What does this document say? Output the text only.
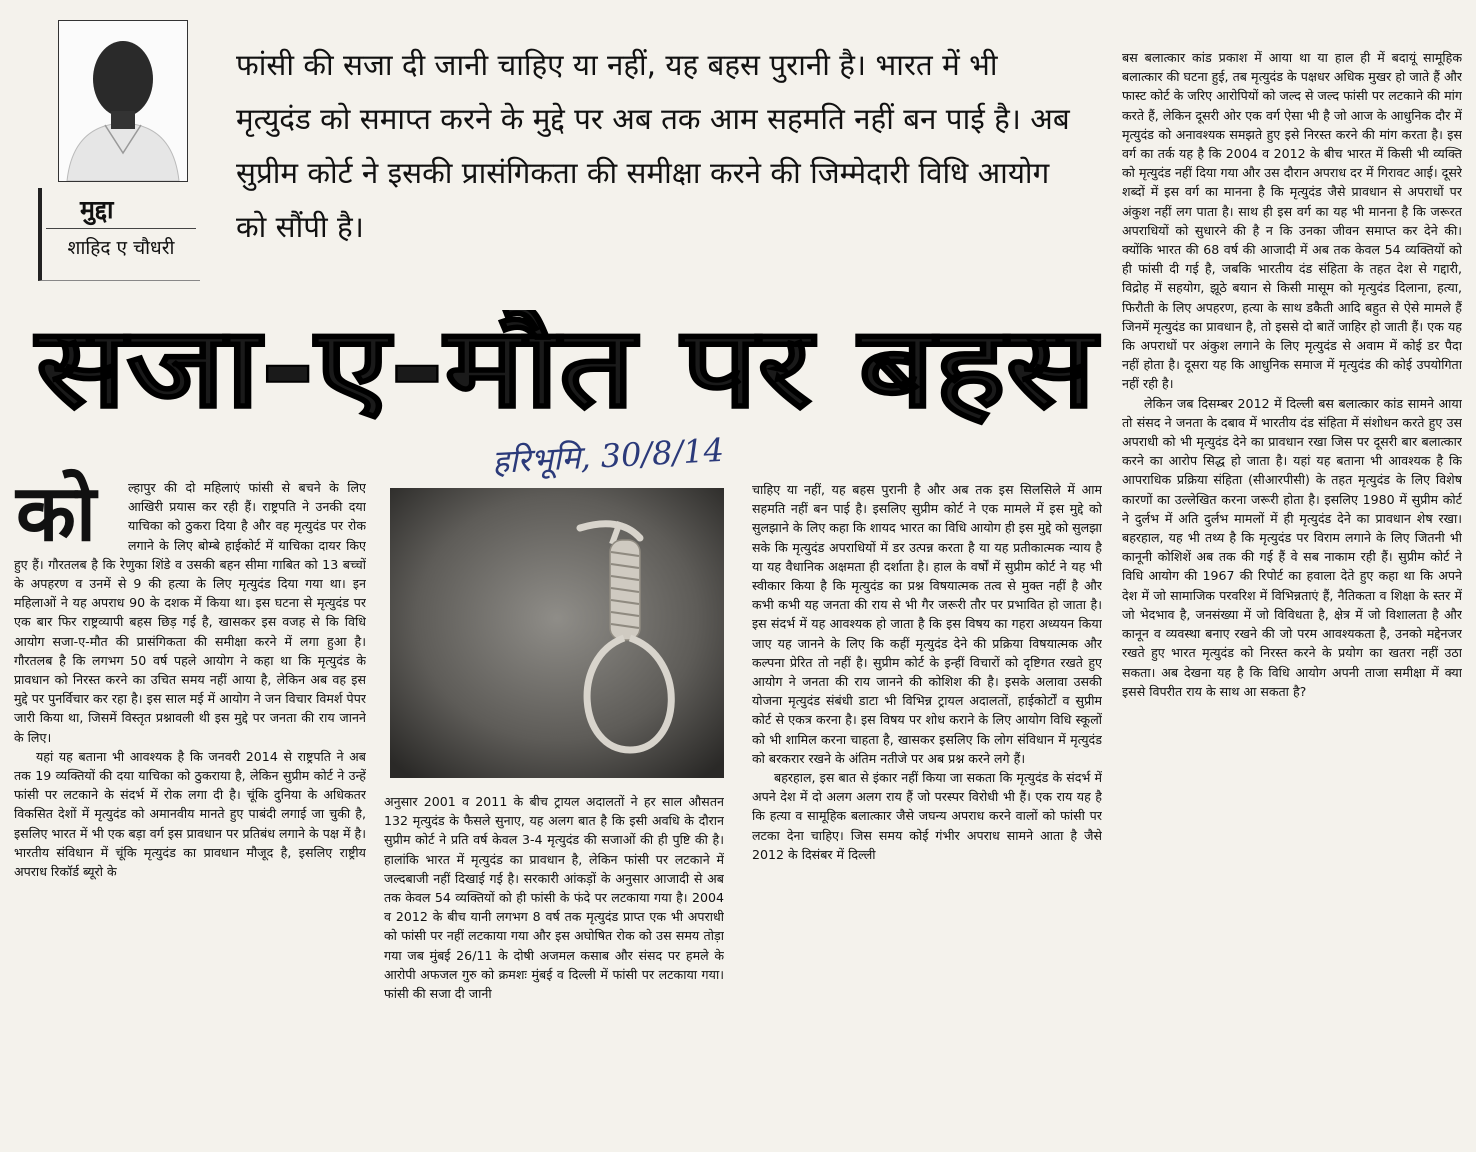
मुद्दा
शाहिद ए चौधरी
फांसी की सजा दी जानी चाहिए या नहीं, यह बहस पुरानी है। भारत में भी मृत्युदंड को समाप्त करने के मुद्दे पर अब तक आम सहमति नहीं बन पाई है। अब सुप्रीम कोर्ट ने इसकी प्रासंगिकता की समीक्षा करने की जिम्मेदारी विधि आयोग को सौंपी है।
सजा-ए-मौत पर बहस
हरिभूमि, 30/8/14
को	ल्हापुर की दो महिलाएं फांसी से बचने के लिए आखिरी प्रयास कर रही हैं। राष्ट्रपति ने उनकी दया याचिका को ठुकरा दिया है और वह मृत्युदंड पर रोक लगाने के लिए बोम्बे हाईकोर्ट में याचिका दायर किए हुए हैं। गौरतलब है कि रेणुका शिंडे व उसकी बहन सीमा गाबित को 13 बच्चों के अपहरण व उनमें से 9 की हत्या के लिए मृत्युदंड दिया गया था। इन महिलाओं ने यह अपराध 90 के दशक में किया था। इस घटना से मृत्युदंड पर एक बार फिर राष्ट्रव्यापी बहस छिड़ गई है, खासकर इस वजह से कि विधि आयोग सजा-ए-मौत की प्रासंगिकता की समीक्षा करने में लगा हुआ है। गौरतलब है कि लगभग 50 वर्ष पहले आयोग ने कहा था कि मृत्युदंड के प्रावधान को निरस्त करने का उचित समय नहीं आया है, लेकिन अब वह इस मुद्दे पर पुनर्विचार कर रहा है। इस साल मई में आयोग ने जन विचार विमर्श पेपर जारी किया था, जिसमें विस्तृत प्रश्नावली थी इस मुद्दे पर जनता की राय जानने के लिए।

यहां यह बताना भी आवश्यक है कि जनवरी 2014 से राष्ट्रपति ने अब तक 19 व्यक्तियों की दया याचिका को ठुकराया है, लेकिन सुप्रीम कोर्ट ने उन्हें फांसी पर लटकाने के संदर्भ में रोक लगा दी है। चूंकि दुनिया के अधिकतर विकसित देशों में मृत्युदंड को अमानवीय मानते हुए पाबंदी लगाई जा चुकी है, इसलिए भारत में भी एक बड़ा वर्ग इस प्रावधान पर प्रतिबंध लगाने के पक्ष में है। भारतीय संविधान में चूंकि मृत्युदंड का प्रावधान मौजूद है, इसलिए राष्ट्रीय अपराध रिकॉर्ड ब्यूरो के

अनुसार 2001 व 2011 के बीच ट्रायल अदालतों ने हर साल औसतन 132 मृत्युदंड के फैसले सुनाए, यह अलग बात है कि इसी अवधि के दौरान सुप्रीम कोर्ट ने प्रति वर्ष केवल 3-4 मृत्युदंड की सजाओं की ही पुष्टि की है। हालांकि भारत में मृत्युदंड का प्रावधान है, लेकिन फांसी पर लटकाने में जल्दबाजी नहीं दिखाई गई है। सरकारी आंकड़ों के अनुसार आजादी से अब तक केवल 54 व्यक्तियों को ही फांसी के फंदे पर लटकाया गया है। 2004 व 2012 के बीच यानी लगभग 8 वर्ष तक मृत्युदंड प्राप्त एक भी अपराधी को फांसी पर नहीं लटकाया गया और इस अघोषित रोक को उस समय तोड़ा गया जब मुंबई 26/11 के दोषी अजमल कसाब और संसद पर हमले के आरोपी अफजल गुरु को क्रमशः मुंबई व दिल्ली में फांसी पर लटकाया गया। फांसी की सजा दी जानी

चाहिए या नहीं, यह बहस पुरानी है और अब तक इस सिलसिले में आम सहमति नहीं बन पाई है। इसलिए सुप्रीम कोर्ट ने एक मामले में इस मुद्दे को सुलझाने के लिए कहा कि शायद भारत का विधि आयोग ही इस मुद्दे को सुलझा सके कि मृत्युदंड अपराधियों में डर उत्पन्न करता है या यह प्रतीकात्मक न्याय है या यह वैधानिक अक्षमता ही दर्शाता है। हाल के वर्षों में सुप्रीम कोर्ट ने यह भी स्वीकार किया है कि मृत्युदंड का प्रश्न विषयात्मक तत्व से मुक्त नहीं है और कभी कभी यह जनता की राय से भी गैर जरूरी तौर पर प्रभावित हो जाता है। इस संदर्भ में यह आवश्यक हो जाता है कि इस विषय का गहरा अध्ययन किया जाए यह जानने के लिए कि कहीं मृत्युदंड देने की प्रक्रिया विषयात्मक और कल्पना प्रेरित तो नहीं है। सुप्रीम कोर्ट के इन्हीं विचारों को दृष्टिगत रखते हुए आयोग ने जनता की राय जानने की कोशिश की है। इसके अलावा उसकी योजना मृत्युदंड संबंधी डाटा भी विभिन्न ट्रायल अदालतों, हाईकोर्टों व सुप्रीम कोर्ट से एकत्र करना है। इस विषय पर शोध कराने के लिए आयोग विधि स्कूलों को भी शामिल करना चाहता है, खासकर इसलिए कि लोग संविधान में मृत्युदंड को बरकरार रखने के अंतिम नतीजे पर अब प्रश्न करने लगे हैं।

बहरहाल, इस बात से इंकार नहीं किया जा सकता कि मृत्युदंड के संदर्भ में अपने देश में दो अलग अलग राय हैं जो परस्पर विरोधी भी हैं। एक राय यह है कि हत्या व सामूहिक बलात्कार जैसे जघन्य अपराध करने वालों को फांसी पर लटका देना चाहिए। जिस समय कोई गंभीर अपराध सामने आता है जैसे 2012 के दिसंबर में दिल्ली

बस बलात्कार कांड प्रकाश में आया था या हाल ही में बदायूं सामूहिक बलात्कार की घटना हुई, तब मृत्युदंड के पक्षधर अधिक मुखर हो जाते हैं और फास्ट कोर्ट के जरिए आरोपियों को जल्द से जल्द फांसी पर लटकाने की मांग करते हैं, लेकिन दूसरी ओर एक वर्ग ऐसा भी है जो आज के आधुनिक दौर में मृत्युदंड को अनावश्यक समझते हुए इसे निरस्त करने की मांग करता है। इस वर्ग का तर्क यह है कि 2004 व 2012 के बीच भारत में किसी भी व्यक्ति को मृत्युदंड नहीं दिया गया और उस दौरान अपराध दर में गिरावट आई। दूसरे शब्दों में इस वर्ग का मानना है कि मृत्युदंड जैसे प्रावधान से अपराधों पर अंकुश नहीं लग पाता है। साथ ही इस वर्ग का यह भी मानना है कि जरूरत अपराधियों को सुधारने की है न कि उनका जीवन समाप्त कर देने की। क्योंकि भारत की 68 वर्ष की आजादी में अब तक केवल 54 व्यक्तियों को ही फांसी दी गई है, जबकि भारतीय दंड संहिता के तहत देश से गद्दारी, विद्रोह में सहयोग, झूठे बयान से किसी मासूम को मृत्युदंड दिलाना, हत्या, फिरौती के लिए अपहरण, हत्या के साथ डकैती आदि बहुत से ऐसे मामले हैं जिनमें मृत्युदंड का प्रावधान है, तो इससे दो बातें जाहिर हो जाती हैं। एक यह कि अपराधों पर अंकुश लगाने के लिए मृत्युदंड से अवाम में कोई डर पैदा नहीं होता है। दूसरा यह कि आधुनिक समाज में मृत्युदंड की कोई उपयोगिता नहीं रही है।

लेकिन जब दिसम्बर 2012 में दिल्ली बस बलात्कार कांड सामने आया तो संसद ने जनता के दबाव में भारतीय दंड संहिता में संशोधन करते हुए उस अपराधी को भी मृत्युदंड देने का प्रावधान रखा जिस पर दूसरी बार बलात्कार करने का आरोप सिद्ध हो जाता है। यहां यह बताना भी आवश्यक है कि आपराधिक प्रक्रिया संहिता (सीआरपीसी) के तहत मृत्युदंड के लिए विशेष कारणों का उल्लेखित करना जरूरी होता है। इसलिए 1980 में सुप्रीम कोर्ट ने दुर्लभ में अति दुर्लभ मामलों में ही मृत्युदंड देने का प्रावधान शेष रखा। बहरहाल, यह भी तथ्य है कि मृत्युदंड पर विराम लगाने के लिए जितनी भी कानूनी कोशिशें अब तक की गई हैं वे सब नाकाम रही हैं। सुप्रीम कोर्ट ने विधि आयोग की 1967 की रिपोर्ट का हवाला देते हुए कहा था कि अपने देश में जो सामाजिक परवरिश में विभिन्नताएं हैं, नैतिकता व शिक्षा के स्तर में जो भेदभाव है, जनसंख्या में जो विविधता है, क्षेत्र में जो विशालता है और कानून व व्यवस्था बनाए रखने की जो परम आवश्यकता है, उनको मद्देनजर रखते हुए भारत मृत्युदंड को निरस्त करने के प्रयोग का खतरा नहीं उठा सकता। अब देखना यह है कि विधि आयोग अपनी ताजा समीक्षा में क्या इससे विपरीत राय के साथ आ सकता है?
